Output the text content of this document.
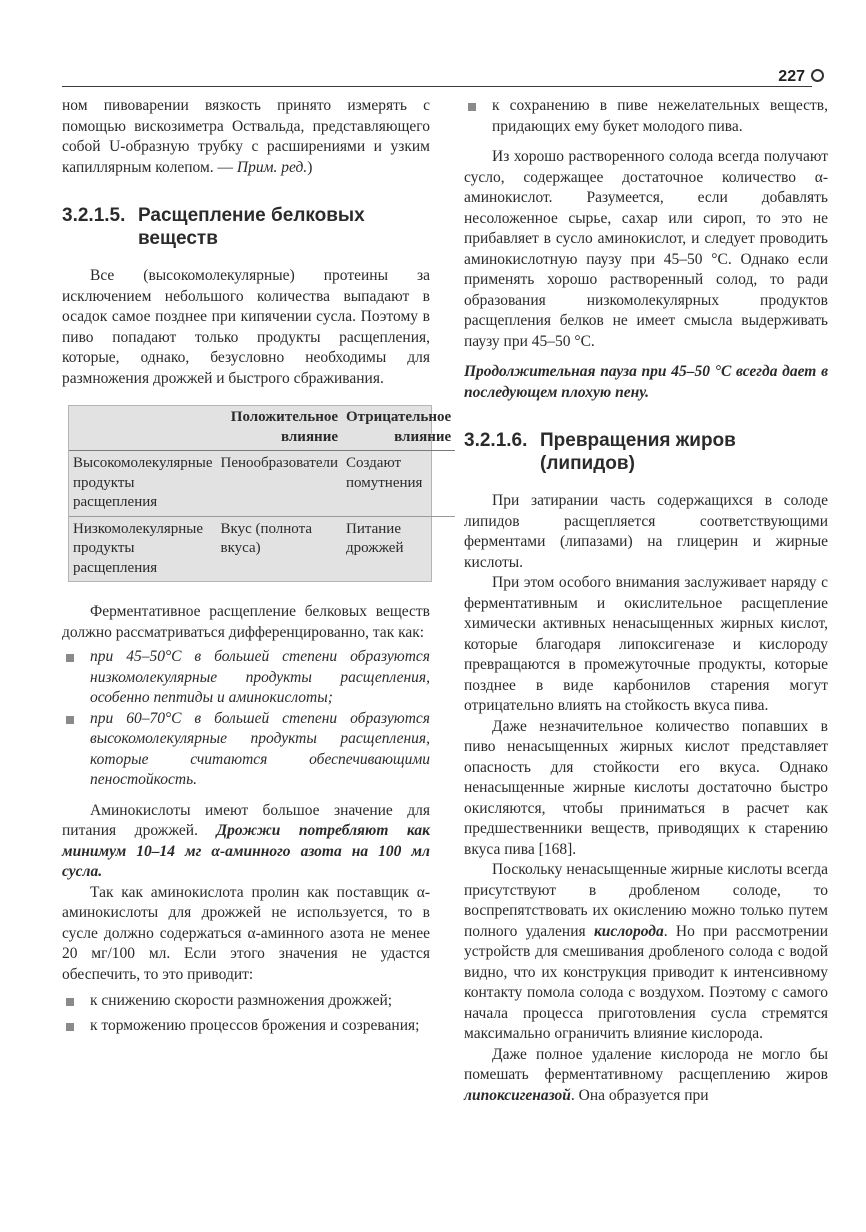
227

ном пивоварении вязкость принято измерять с помощью вискозиметра Оствальда, представляющего собой U-образную трубку с расширениями и узким капиллярным колепом. — Прим. ред.)

3.2.1.5. Расщепление белковых
веществ

Все (высокомолекулярные) протеины за исключением небольшого количества выпадают в осадок самое позднее при кипячении сусла. Поэтому в пиво попадают только продукты расщепления, которые, однако, безусловно необходимы для размножения дрожжей и быстрого сбраживания.

	Положительное влияние	Отрицательное влияние
Высокомолекулярные продукты расщепления	Пенообразователи	Создают помутнения
Низкомолекулярные продукты расщепления	Вкус (полнота вкуса)	Питание дрожжей

Ферментативное расщепление белковых веществ должно рассматриваться дифференцированно, так как:

при 45–50°С в большей степени образуются низкомолекулярные продукты расщепления, особенно пептиды и аминокислоты;
при 60–70°С в большей степени образуются высокомолекулярные продукты расщепления, которые считаются обеспечивающими пеностойкость.

Аминокислоты имеют большое значение для питания дрожжей. Дрожжи потребляют как минимум 10–14 мг α-аминного азота на 100 мл сусла.

Так как аминокислота пролин как поставщик α-аминокислоты для дрожжей не используется, то в сусле должно содержаться α-аминного азота не менее 20 мг/100 мл. Если этого значения не удастся обеспечить, то это приводит:

к снижению скорости размножения дрожжей;
к торможению процессов брожения и созревания;
к сохранению в пиве нежелательных веществ, придающих ему букет молодого пива.

Из хорошо растворенного солода всегда получают сусло, содержащее достаточное количество α-аминокислот. Разумеется, если добавлять несоложенное сырье, сахар или сироп, то это не прибавляет в сусло аминокислот, и следует проводить аминокислотную паузу при 45–50 °С. Однако если применять хорошо растворенный солод, то ради образования низкомолекулярных продуктов расщепления белков не имеет смысла выдерживать паузу при 45–50 °С.

Продолжительная пауза при 45–50 °С всегда дает в последующем плохую пену.

3.2.1.6. Превращения жиров
(липидов)

При затирании часть содержащихся в солоде липидов расщепляется соответствующими ферментами (липазами) на глицерин и жирные кислоты.

При этом особого внимания заслуживает наряду с ферментативным и окислительное расщепление химически активных ненасыщенных жирных кислот, которые благодаря липоксигеназе и кислороду превращаются в промежуточные продукты, которые позднее в виде карбонилов старения могут отрицательно влиять на стойкость вкуса пива.

Даже незначительное количество попавших в пиво ненасыщенных жирных кислот представляет опасность для стойкости его вкуса. Однако ненасыщенные жирные кислоты достаточно быстро окисляются, чтобы приниматься в расчет как предшественники веществ, приводящих к старению вкуса пива [168].

Поскольку ненасыщенные жирные кислоты всегда присутствуют в дробленом солоде, то воспрепятствовать их окислению можно только путем полного удаления кислорода. Но при рассмотрении устройств для смешивания дробленого солода с водой видно, что их конструкция приводит к интенсивному контакту помола солода с воздухом. Поэтому с самого начала процесса приготовления сусла стремятся максимально ограничить влияние кислорода.

Даже полное удаление кислорода не могло бы помешать ферментативному расщеплению жиров липоксигеназой. Она образуется при
